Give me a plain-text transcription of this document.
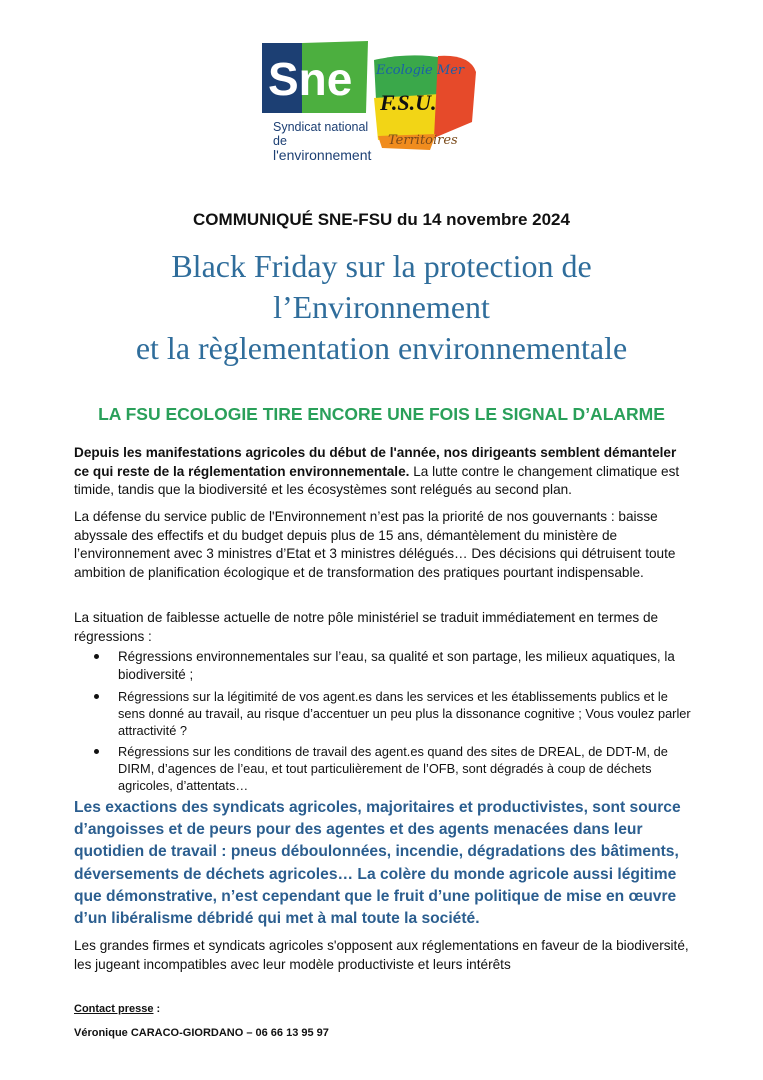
Sne
Syndicat national de
l'environnement
Ecologie Mer
F.S.U.
Territoires
COMMUNIQUÉ SNE-FSU du 14 novembre 2024
Black Friday sur la protection de
l’Environnement
et la règlementation environnementale
LA FSU ECOLOGIE TIRE ENCORE UNE FOIS LE SIGNAL D’ALARME
Depuis les manifestations agricoles du début de l'année, nos dirigeants semblent démanteler ce qui reste de la réglementation environnementale. La lutte contre le changement climatique est timide, tandis que la biodiversité et les écosystèmes sont relégués au second plan.
La défense du service public de l'Environnement n’est pas la priorité de nos gouvernants : baisse abyssale des effectifs et du budget depuis plus de 15 ans, démantèlement du ministère de l’environnement avec 3 ministres d’Etat et 3 ministres délégués… Des décisions qui détruisent toute ambition de planification écologique et de transformation des pratiques pourtant indispensable.
La situation de faiblesse actuelle de notre pôle ministériel se traduit immédiatement en termes de régressions :
Régressions environnementales sur l’eau, sa qualité et son partage, les milieux aquatiques, la biodiversité ;
Régressions sur la légitimité de vos agent.es dans les services et les établissements publics et le sens donné au travail, au risque d’accentuer un peu plus la dissonance cognitive ; Vous voulez parler attractivité ?
Régressions sur les conditions de travail des agent.es quand des sites de DREAL, de DDT-M, de DIRM, d’agences de l’eau, et tout particulièrement de l’OFB, sont dégradés à coup de déchets agricoles, d’attentats…
Les exactions des syndicats agricoles, majoritaires et productivistes, sont source d’angoisses et de peurs pour des agentes et des agents menacées dans leur quotidien de travail : pneus déboulonnées, incendie, dégradations des bâtiments, déversements de déchets agricoles… La colère du monde agricole aussi légitime que démonstrative, n’est cependant que le fruit d’une politique de mise en œuvre d’un libéralisme débridé qui met à mal toute la société.
Les grandes firmes et syndicats agricoles s'opposent aux réglementations en faveur de la biodiversité, les jugeant incompatibles avec leur modèle productiviste et leurs intérêts
Contact presse :
Véronique CARACO-GIORDANO – 06 66 13 95 97
